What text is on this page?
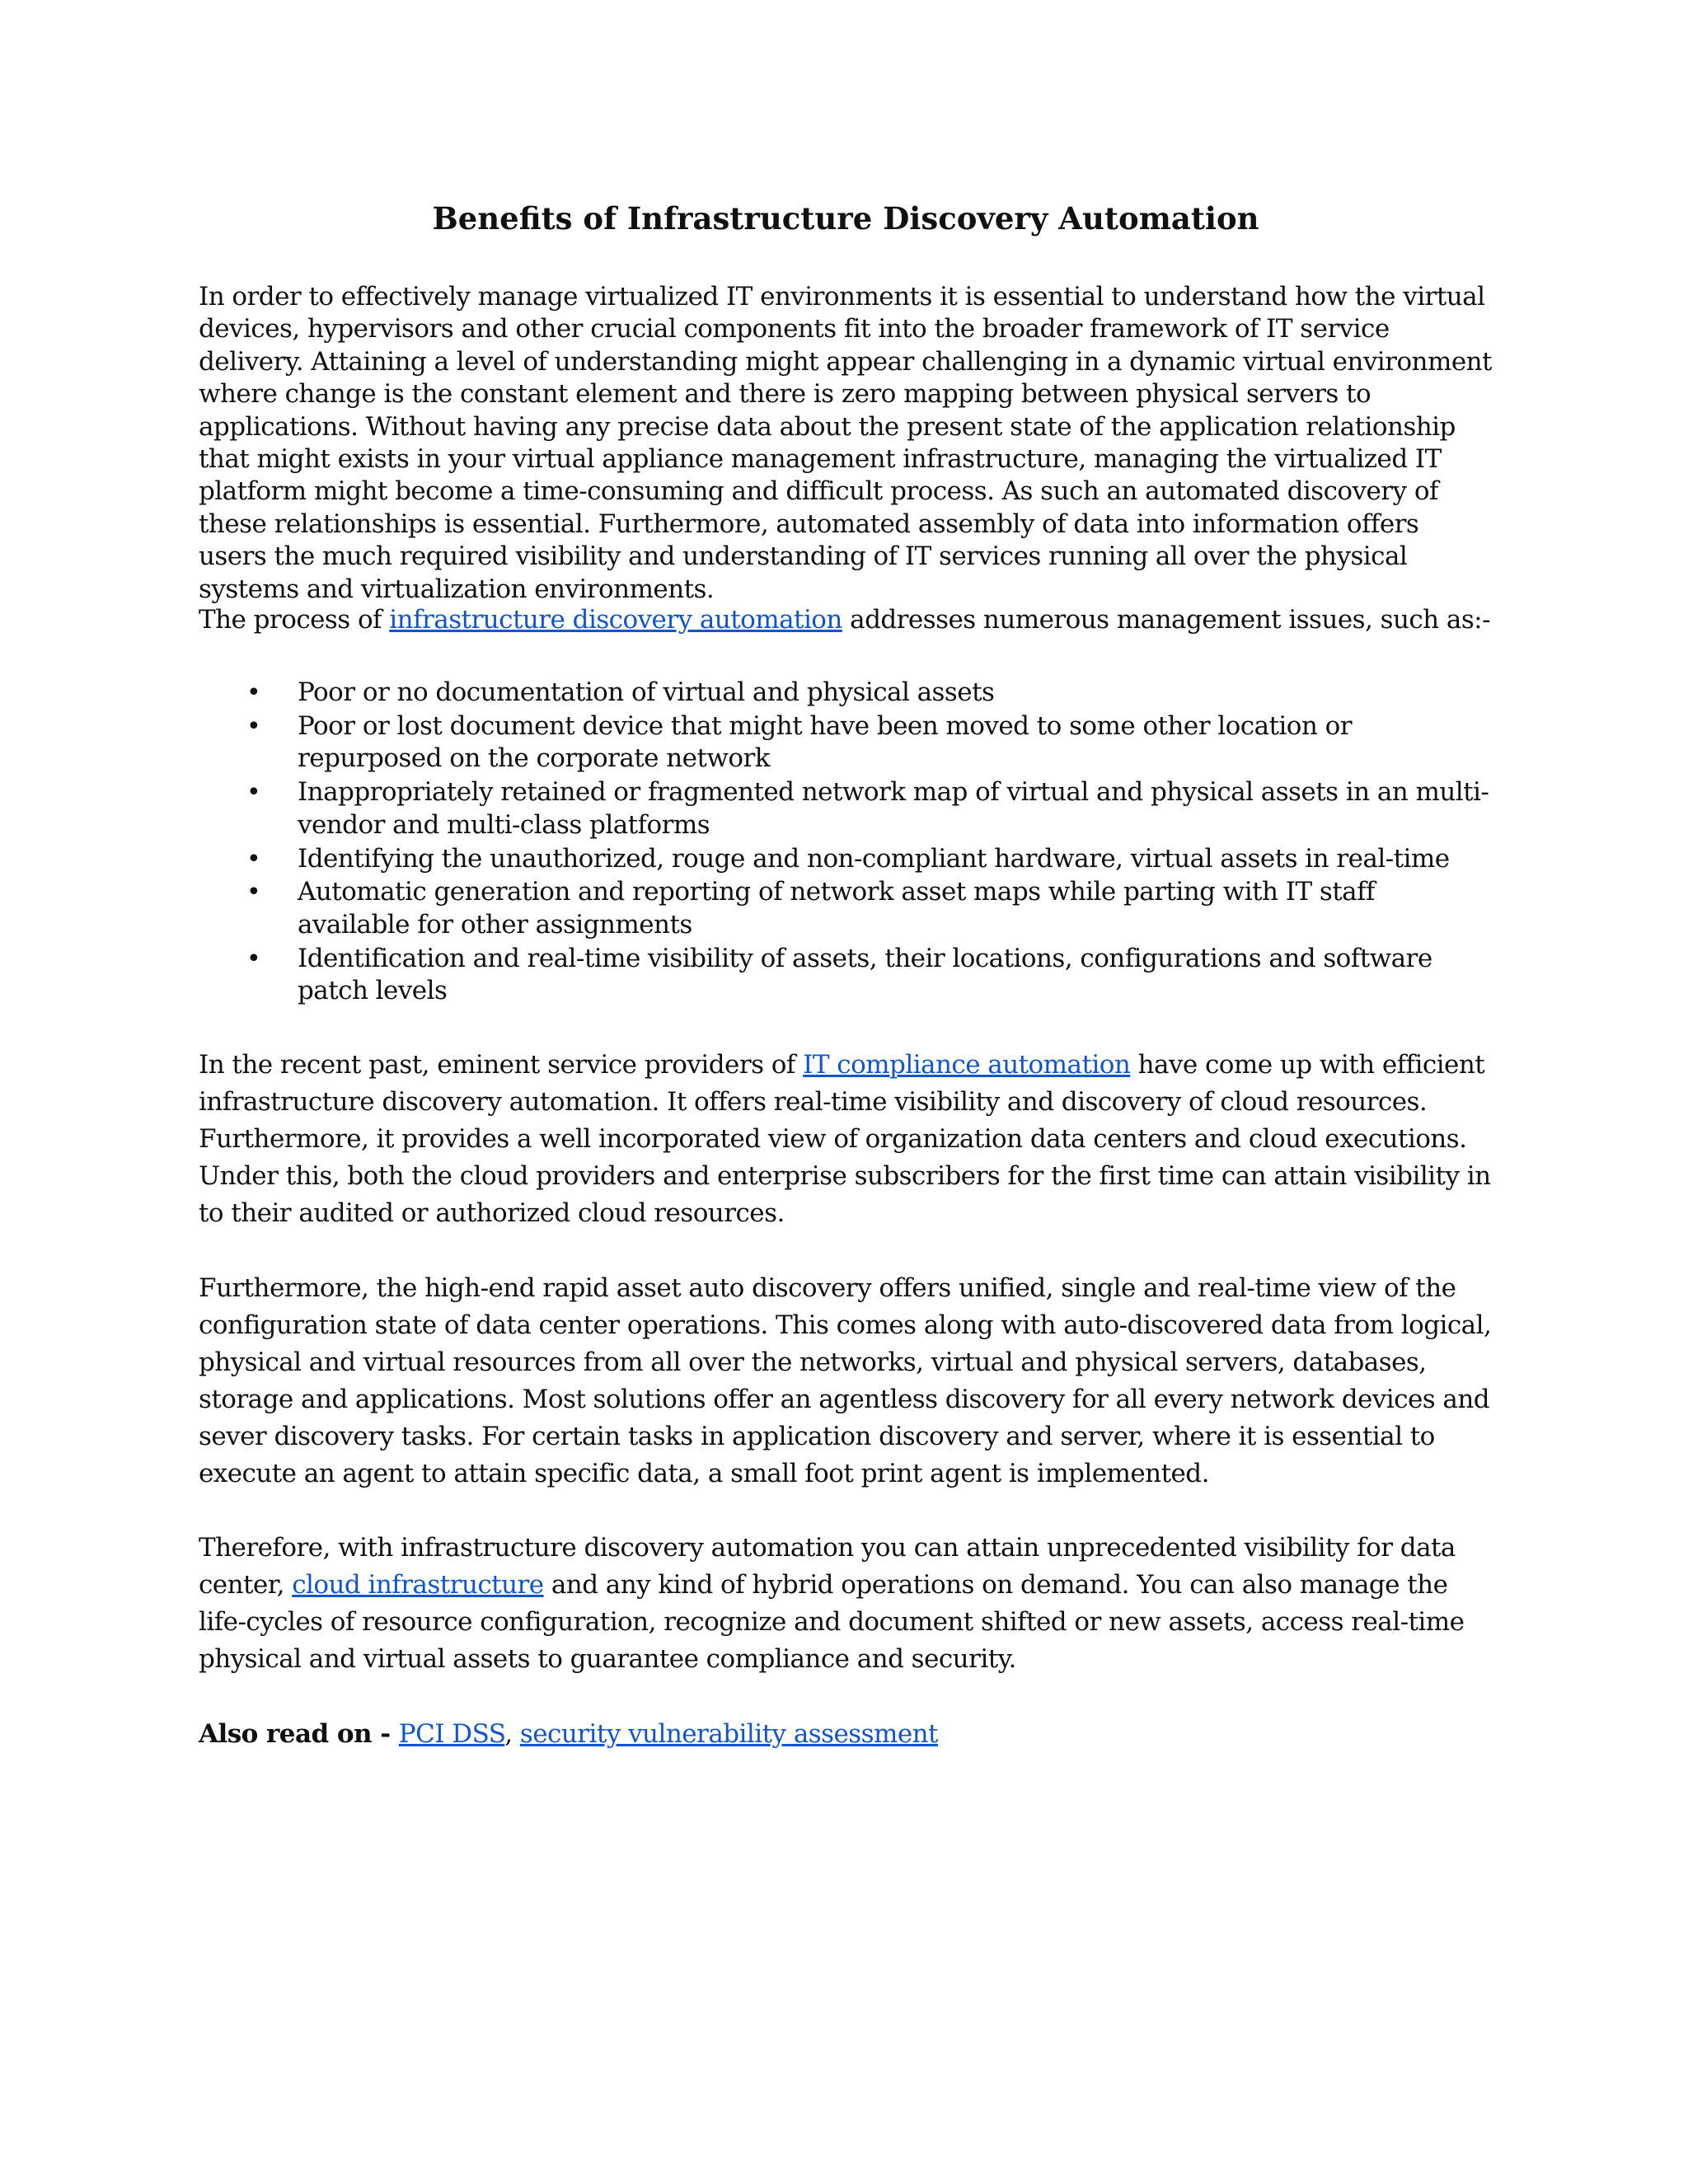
Benefits of Infrastructure Discovery Automation

In order to effectively manage virtualized IT environments it is essential to understand how the virtual devices, hypervisors and other crucial components fit into the broader framework of IT service delivery. Attaining a level of understanding might appear challenging in a dynamic virtual environment where change is the constant element and there is zero mapping between physical servers to applications. Without having any precise data about the present state of the application relationship that might exists in your virtual appliance management infrastructure, managing the virtualized IT platform might become a time-consuming and difficult process. As such an automated discovery of these relationships is essential. Furthermore, automated assembly of data into information offers users the much required visibility and understanding of IT services running all over the physical systems and virtualization environments.

The process of infrastructure discovery automation addresses numerous management issues, such as:-

• Poor or no documentation of virtual and physical assets
• Poor or lost document device that might have been moved to some other location or repurposed on the corporate network
• Inappropriately retained or fragmented network map of virtual and physical assets in an multi-vendor and multi-class platforms
• Identifying the unauthorized, rouge and non-compliant hardware, virtual assets in real-time
• Automatic generation and reporting of network asset maps while parting with IT staff available for other assignments
• Identification and real-time visibility of assets, their locations, configurations and software patch levels

In the recent past, eminent service providers of IT compliance automation have come up with efficient infrastructure discovery automation. It offers real-time visibility and discovery of cloud resources. Furthermore, it provides a well incorporated view of organization data centers and cloud executions. Under this, both the cloud providers and enterprise subscribers for the first time can attain visibility in to their audited or authorized cloud resources.

Furthermore, the high-end rapid asset auto discovery offers unified, single and real-time view of the configuration state of data center operations. This comes along with auto-discovered data from logical, physical and virtual resources from all over the networks, virtual and physical servers, databases, storage and applications. Most solutions offer an agentless discovery for all every network devices and sever discovery tasks. For certain tasks in application discovery and server, where it is essential to execute an agent to attain specific data, a small foot print agent is implemented.

Therefore, with infrastructure discovery automation you can attain unprecedented visibility for data center, cloud infrastructure and any kind of hybrid operations on demand. You can also manage the life-cycles of resource configuration, recognize and document shifted or new assets, access real-time physical and virtual assets to guarantee compliance and security.

Also read on - PCI DSS, security vulnerability assessment
